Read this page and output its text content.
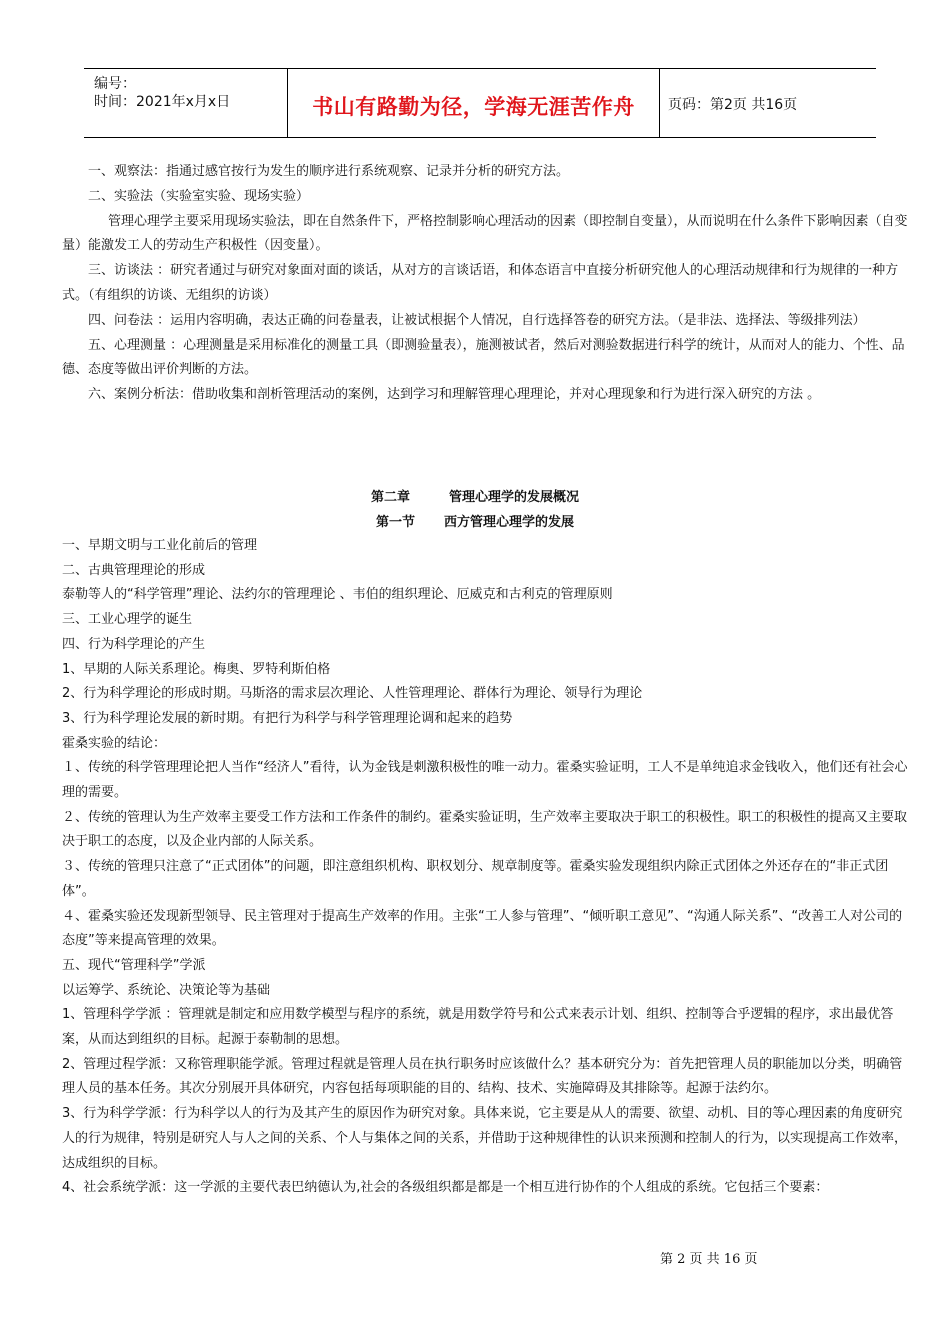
编号：
时间：2021年x月x日	书山有路勤为径，学海无涯苦作舟	页码：第2页 共16页

一、观察法：指通过感官按行为发生的顺序进行系统观察、记录并分析的研究方法。

二、实验法（实验室实验、现场实验）

管理心理学主要采用现场实验法，即在自然条件下，严格控制影响心理活动的因素（即控制自变量），从而说明在什么条件下影响因素（自变量）能激发工人的劳动生产积极性（因变量）。

三、访谈法 ：研究者通过与研究对象面对面的谈话，从对方的言谈话语，和体态语言中直接分析研究他人的心理活动规律和行为规律的一种方式。（有组织的访谈、无组织的访谈）

四、问卷法 ：运用内容明确，表达正确的问卷量表，让被试根据个人情况，自行选择答卷的研究方法。（是非法、选择法、等级排列法）

五、心理测量 ：心理测量是采用标准化的测量工具（即测验量表），施测被试者，然后对测验数据进行科学的统计，从而对人的能力、个性、品德、态度等做出评价判断的方法。

六、案例分析法：借助收集和剖析管理活动的案例，达到学习和理解管理心理理论，并对心理现象和行为进行深入研究的方法 。

第二章	管理心理学的发展概况
第一节 西方管理心理学的发展

一、早期文明与工业化前后的管理

二、古典管理理论的形成

泰勒等人的“科学管理”理论、法约尔的管理理论 、韦伯的组织理论、厄威克和古利克的管理原则

三、工业心理学的诞生

四、行为科学理论的产生

1、早期的人际关系理论。梅奥、罗特利斯伯格

2、行为科学理论的形成时期。马斯洛的需求层次理论、人性管理理论、群体行为理论、领导行为理论

3、行为科学理论发展的新时期。有把行为科学与科学管理理论调和起来的趋势

霍桑实验的结论：

１、传统的科学管理理论把人当作“经济人”看待，认为金钱是刺激积极性的唯一动力。霍桑实验证明，工人不是单纯追求金钱收入，他们还有社会心理的需要。

２、传统的管理认为生产效率主要受工作方法和工作条件的制约。霍桑实验证明，生产效率主要取决于职工的积极性。职工的积极性的提高又主要取决于职工的态度，以及企业内部的人际关系。

３、传统的管理只注意了“正式团体”的问题，即注意组织机构、职权划分、规章制度等。霍桑实验发现组织内除正式团体之外还存在的“非正式团体”。

４、霍桑实验还发现新型领导、民主管理对于提高生产效率的作用。主张“工人参与管理”、“倾听职工意见”、“沟通人际关系”、“改善工人对公司的态度”等来提高管理的效果。

五、现代“管理科学”学派

以运筹学、系统论、决策论等为基础

1、管理科学学派 ：管理就是制定和应用数学模型与程序的系统，就是用数学符号和公式来表示计划、组织、控制等合乎逻辑的程序，求出最优答案，从而达到组织的目标。起源于泰勒制的思想。

2、管理过程学派：又称管理职能学派。管理过程就是管理人员在执行职务时应该做什么？基本研究分为：首先把管理人员的职能加以分类，明确管理人员的基本任务。其次分别展开具体研究，内容包括每项职能的目的、结构、技术、实施障碍及其排除等。起源于法约尔。

3、行为科学学派：行为科学以人的行为及其产生的原因作为研究对象。具体来说，它主要是从人的需要、欲望、动机、目的等心理因素的角度研究人的行为规律，特别是研究人与人之间的关系、个人与集体之间的关系，并借助于这种规律性的认识来预测和控制人的行为，以实现提高工作效率，达成组织的目标。

4、社会系统学派：这一学派的主要代表巴纳德认为,社会的各级组织都是都是一个相互进行协作的个人组成的系统。它包括三个要素：

第 2 页 共 16 页
